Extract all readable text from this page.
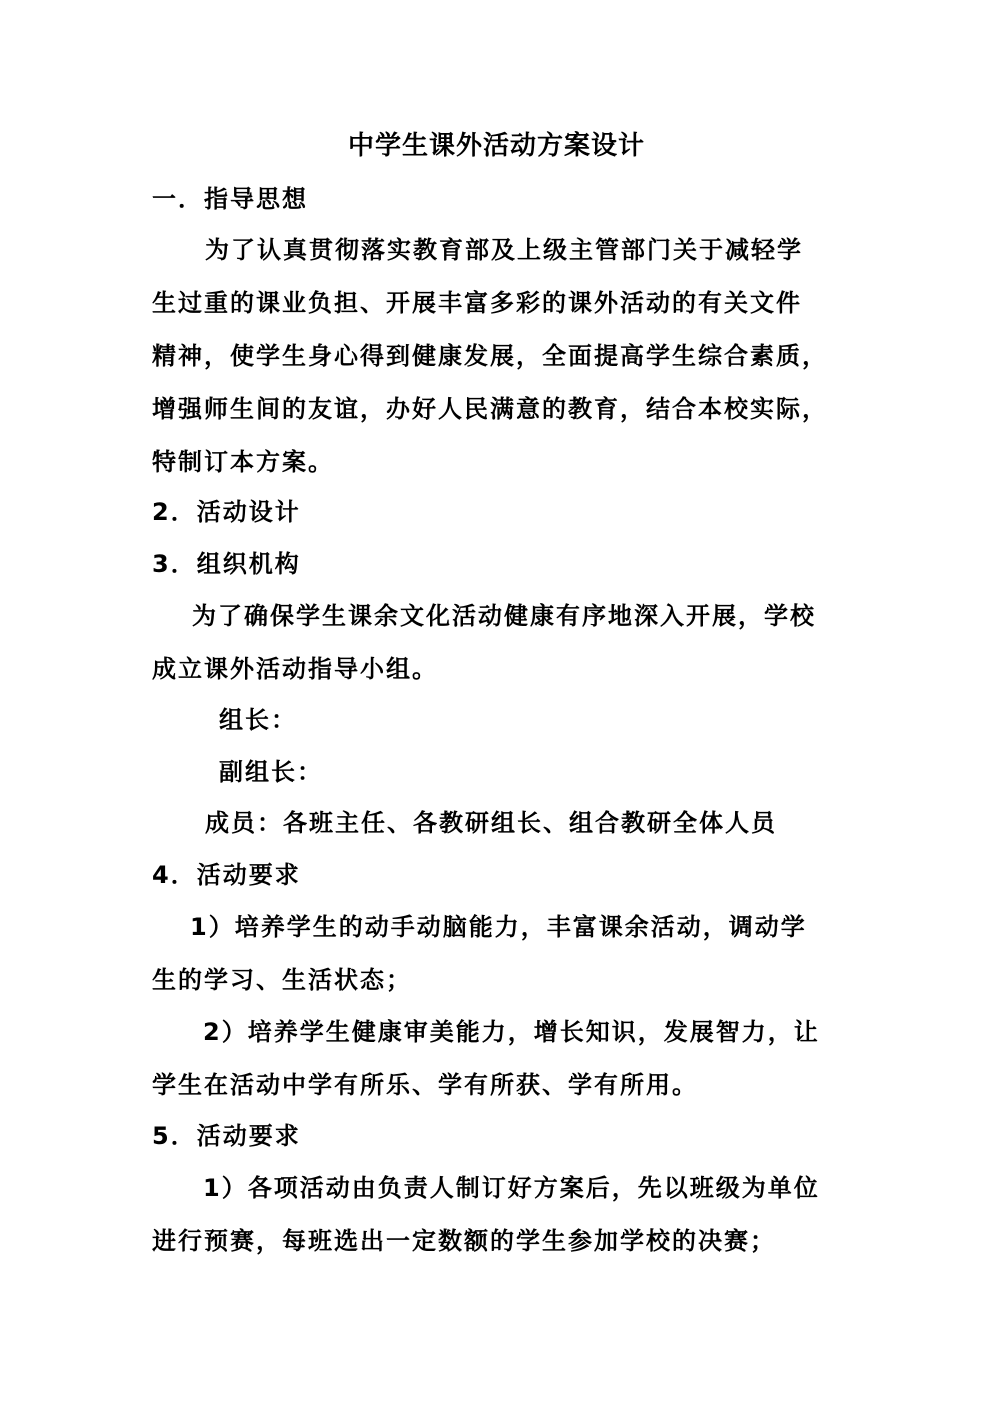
中学生课外活动方案设计
一．指导思想
为了认真贯彻落实教育部及上级主管部门关于减轻学
生过重的课业负担、开展丰富多彩的课外活动的有关文件
精神，使学生身心得到健康发展，全面提高学生综合素质，
增强师生间的友谊，办好人民满意的教育，结合本校实际，
特制订本方案。
2．活动设计
3．组织机构
为了确保学生课余文化活动健康有序地深入开展，学校
成立课外活动指导小组。
组长：
副组长：
成员：各班主任、各教研组长、组合教研全体人员
4．活动要求
1）培养学生的动手动脑能力，丰富课余活动，调动学
生的学习、生活状态；
2）培养学生健康审美能力，增长知识，发展智力，让
学生在活动中学有所乐、学有所获、学有所用。
5．活动要求
1）各项活动由负责人制订好方案后，先以班级为单位
进行预赛，每班选出一定数额的学生参加学校的决赛；
